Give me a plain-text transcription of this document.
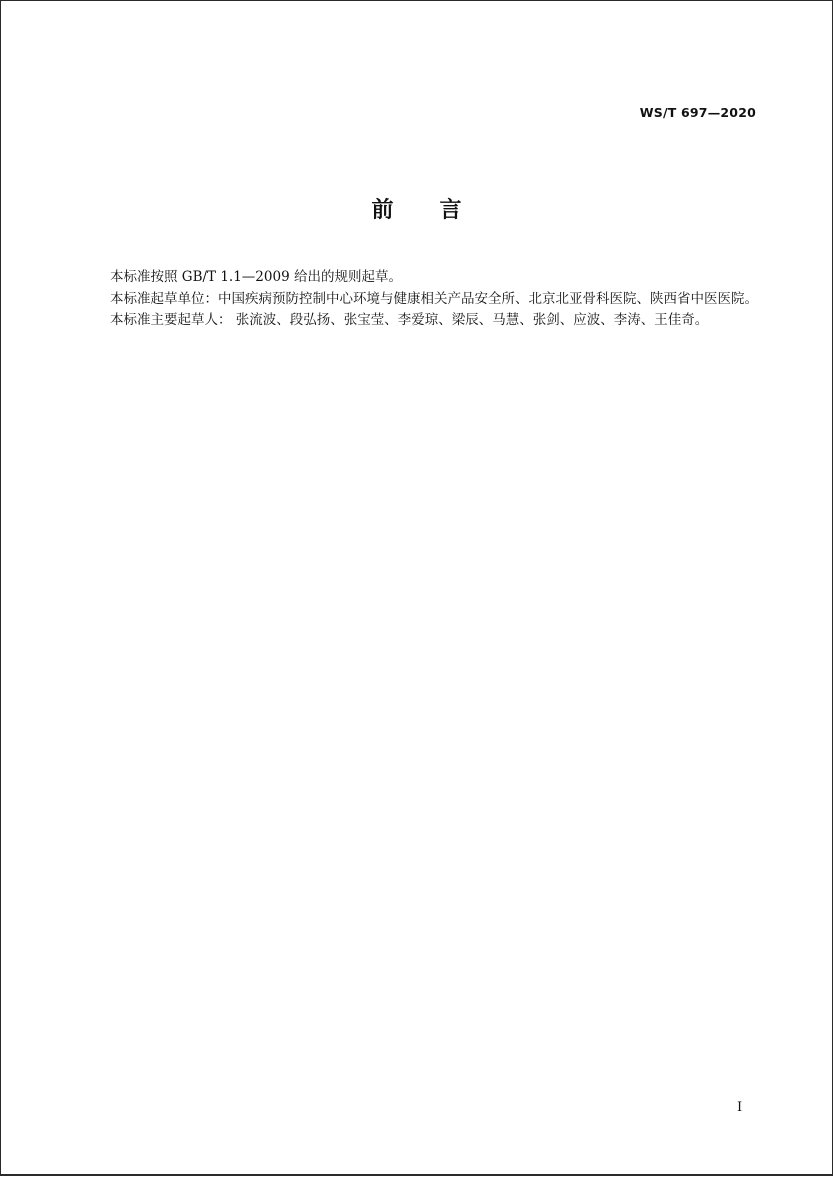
WS/T 697—2020
前 言

本标准按照 GB/T 1.1—2009 给出的规则起草。

本标准起草单位：中国疾病预防控制中心环境与健康相关产品安全所、北京北亚骨科医院、陕西省中医医院。

本标准主要起草人： 张流波、段弘扬、张宝莹、李爱琼、梁辰、马慧、张剑、应波、李涛、王佳奇。

I
